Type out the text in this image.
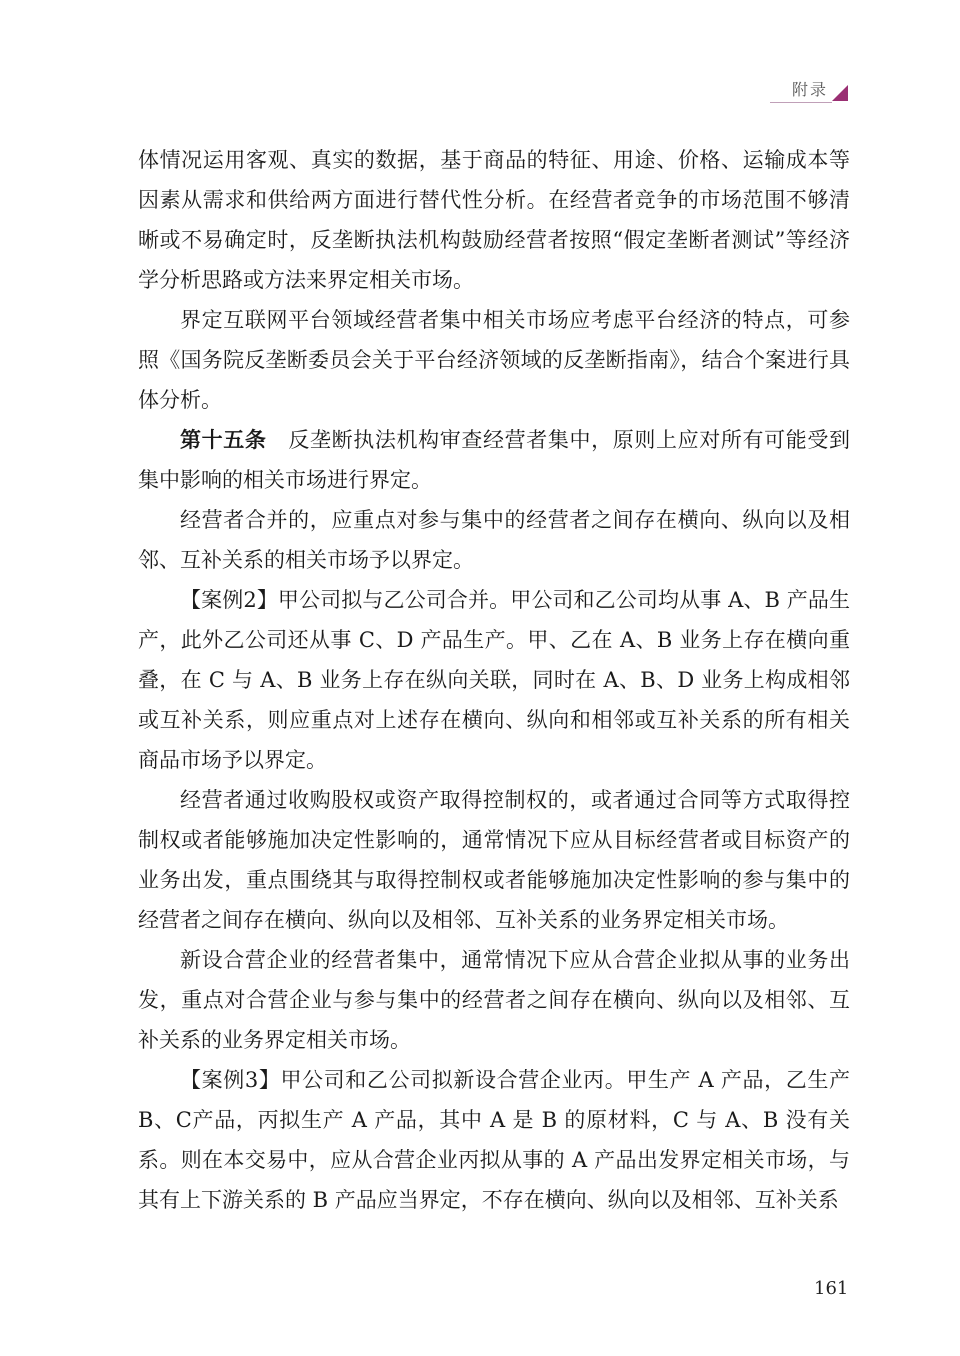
附录

体情况运用客观、真实的数据，基于商品的特征、用途、价格、运输成本等因素从需求和供给两方面进行替代性分析。在经营者竞争的市场范围不够清晰或不易确定时，反垄断执法机构鼓励经营者按照“假定垄断者测试”等经济学分析思路或方法来界定相关市场。

界定互联网平台领域经营者集中相关市场应考虑平台经济的特点，可参照《国务院反垄断委员会关于平台经济领域的反垄断指南》，结合个案进行具体分析。

第十五条 反垄断执法机构审查经营者集中，原则上应对所有可能受到集中影响的相关市场进行界定。

经营者合并的，应重点对参与集中的经营者之间存在横向、纵向以及相邻、互补关系的相关市场予以界定。

【案例2】甲公司拟与乙公司合并。甲公司和乙公司均从事 A、B 产品生产，此外乙公司还从事 C、D 产品生产。甲、乙在 A、B 业务上存在横向重叠，在 C 与 A、B 业务上存在纵向关联，同时在 A、B、D 业务上构成相邻或互补关系，则应重点对上述存在横向、纵向和相邻或互补关系的所有相关商品市场予以界定。

经营者通过收购股权或资产取得控制权的，或者通过合同等方式取得控制权或者能够施加决定性影响的，通常情况下应从目标经营者或目标资产的业务出发，重点围绕其与取得控制权或者能够施加决定性影响的参与集中的经营者之间存在横向、纵向以及相邻、互补关系的业务界定相关市场。

新设合营企业的经营者集中，通常情况下应从合营企业拟从事的业务出发，重点对合营企业与参与集中的经营者之间存在横向、纵向以及相邻、互补关系的业务界定相关市场。

【案例3】甲公司和乙公司拟新设合营企业丙。甲生产 A 产品，乙生产B、C产品，丙拟生产 A 产品，其中 A 是 B 的原材料，C 与 A、B 没有关系。则在本交易中，应从合营企业丙拟从事的 A 产品出发界定相关市场，与其有上下游关系的 B 产品应当界定，不存在横向、纵向以及相邻、互补关系

161
